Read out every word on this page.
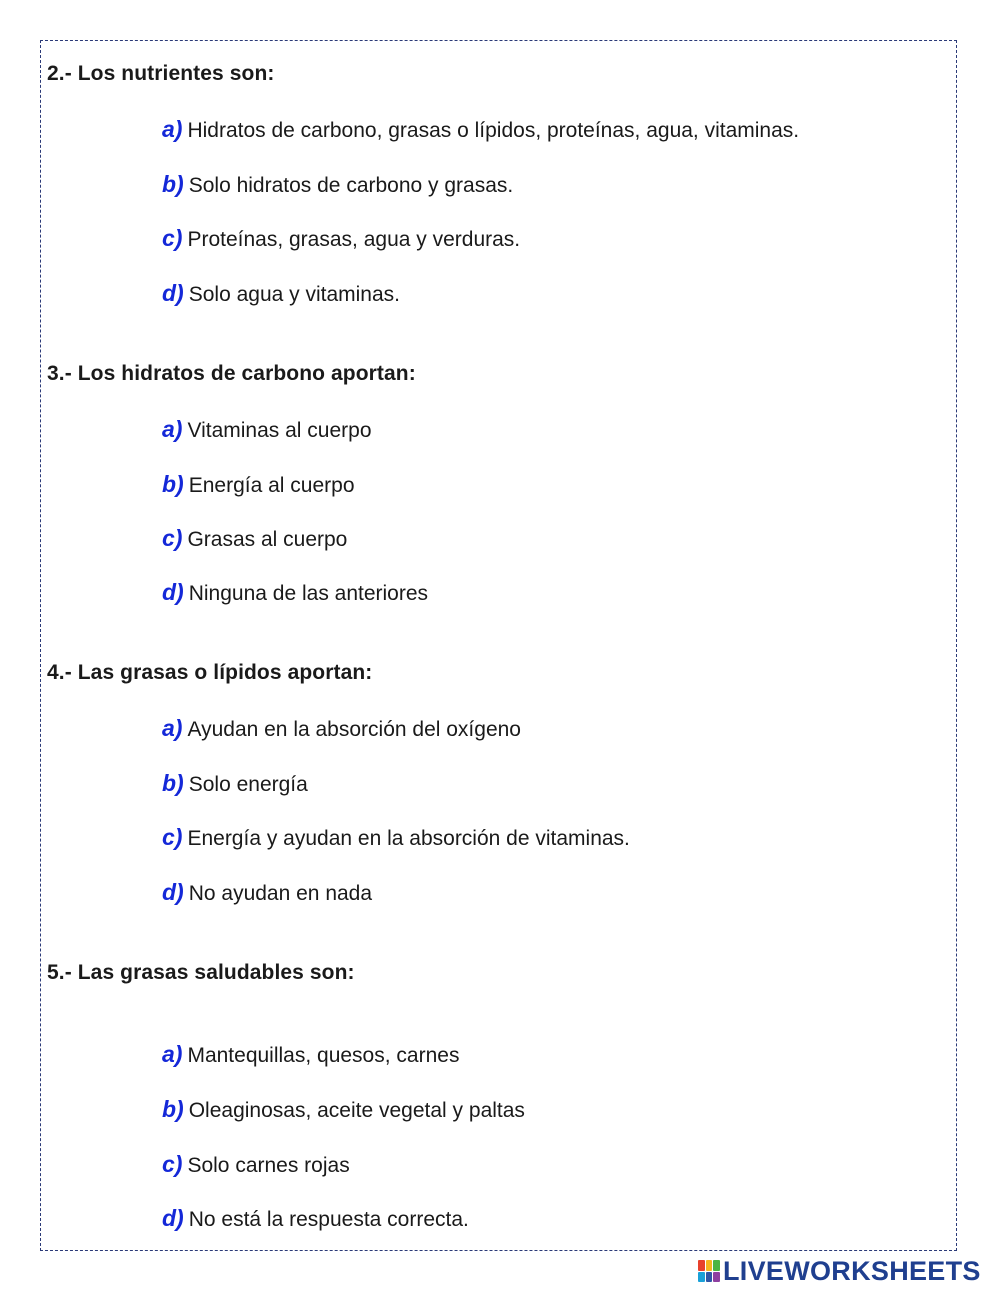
2.- Los nutrientes son:
a) Hidratos de carbono, grasas o lípidos, proteínas, agua, vitaminas.
b) Solo hidratos de carbono y grasas.
c) Proteínas, grasas, agua y verduras.
d) Solo agua y vitaminas.
3.- Los hidratos de carbono aportan:
a) Vitaminas al cuerpo
b) Energía al cuerpo
c) Grasas al cuerpo
d) Ninguna de las anteriores
4.- Las grasas o lípidos aportan:
a) Ayudan en la absorción del oxígeno
b) Solo energía
c) Energía y ayudan en la absorción de vitaminas.
d) No ayudan en nada
5.- Las grasas saludables son:
a) Mantequillas, quesos, carnes
b) Oleaginosas, aceite vegetal y paltas
c) Solo carnes rojas
d) No está la respuesta correcta.
LIVEWORKSHEETS
